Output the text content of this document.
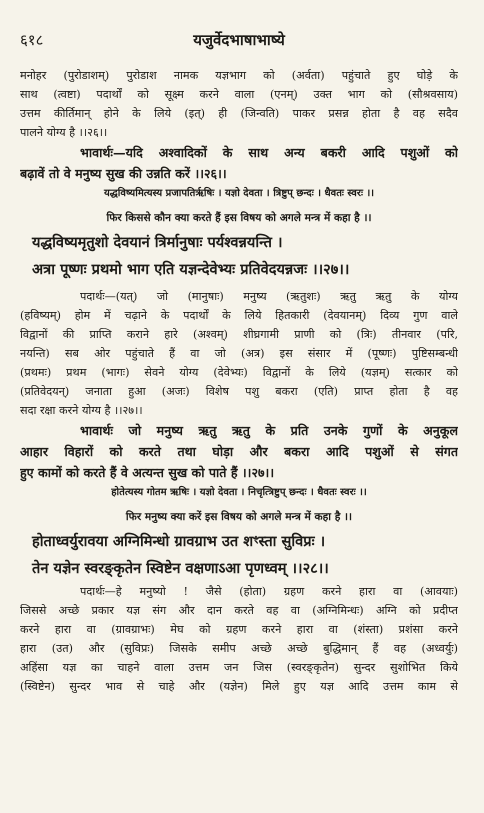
६१८	यजुर्वेदभाषाभाष्ये
मनोहर (पुरोडाशम्) पुरोडाश नामक यज्ञभाग को (अर्वता) पहुंचाते हुए घोड़े के
साथ (त्वष्टा) पदार्थों को सूक्ष्म करने वाला (एनम्) उक्त भाग को (सौश्रवसाय)
उत्तम कीर्तिमान् होने के लिये (इत्) ही (जिन्वति) पाकर प्रसन्न होता है वह सदैव
पालने योग्य है ।।२६।।
भावार्थः—यदि अश्वादिकों के साथ अन्य बकरी आदि पशुओं को
बढ़ावें तो वे मनुष्य सुख की उन्नति करें ।।२६।।
यद्धविष्यमित्यस्य प्रजापतिर्ऋषिः । यज्ञो देवता । त्रिष्टुप् छन्दः । धैवतः स्वरः ।।
फिर किससे कौन क्या करते हैं इस विषय को अगले मन्त्र में कहा है ।।
यद्धविष्यमृतुशो देवयानं त्रिर्मानुषाः पर्यश्वन्नयन्ति ।
अत्रा पूष्णः प्रथमो भाग एति यज्ञन्देवेभ्यः प्रतिवेदयन्नजः ।।२७।।
पदार्थः—(यत्) जो (मानुषाः) मनुष्य (ऋतुशः) ऋतु ऋतु के योग्य
(हविष्यम्) होम में चढ़ाने के पदार्थों के लिये हितकारी (देवयानम्) दिव्य गुण वाले
विद्वानों की प्राप्ति कराने हारे (अश्वम्) शीघ्रगामी प्राणी को (त्रिः) तीनवार (परि,
नयन्ति) सब ओर पहुंचाते हैं वा जो (अत्र) इस संसार में (पूष्णः) पुष्टिसम्बन्धी
(प्रथमः) प्रथम (भागः) सेवने योग्य (देवेभ्यः) विद्वानों के लिये (यज्ञम्) सत्कार को
(प्रतिवेदयन्) जनाता हुआ (अजः) विशेष पशु बकरा (एति) प्राप्त होता है वह
सदा रक्षा करने योग्य है ।।२७।।
भावार्थः जो मनुष्य ऋतु ऋतु के प्रति उनके गुणों के अनुकूल
आहार विहारों को करते तथा घोड़ा और बकरा आदि पशुओं से संगत
हुए कामों को करते हैं वे अत्यन्त सुख को पाते हैं ।।२७।।
होतेत्यस्य गोतम ऋषिः । यज्ञो देवता । निचृत्त्रिष्टुप् छन्दः । धैवतः स्वरः ।।
फिर मनुष्य क्या करें इस विषय को अगले मन्त्र में कहा है ।।
होताध्वर्युरावया अग्निमिन्धो ग्रावग्राभ उत शꣳस्ता सुविप्रः ।
तेन यज्ञेन स्वरङ्कृतेन स्विष्टेन वक्षणाऽआ पृणध्वम् ।।२८।।
पदार्थः—हे मनुष्यो ! जैसे (होता) ग्रहण करने हारा वा (आवयाः)
जिससे अच्छे प्रकार यज्ञ संग और दान करते वह वा (अग्निमिन्धः) अग्नि को प्रदीप्त
करने हारा वा (ग्रावग्राभः) मेघ को ग्रहण करने हारा वा (शंस्ता) प्रशंसा करने
हारा (उत) और (सुविप्रः) जिसके समीप अच्छे अच्छे बुद्धिमान् हैं वह (अध्वर्युः)
अहिंसा यज्ञ का चाहने वाला उत्तम जन जिस (स्वरङ्कृतेन) सुन्दर सुशोभित किये
(स्विष्टेन) सुन्दर भाव से चाहे और (यज्ञेन) मिले हुए यज्ञ आदि उत्तम काम से
